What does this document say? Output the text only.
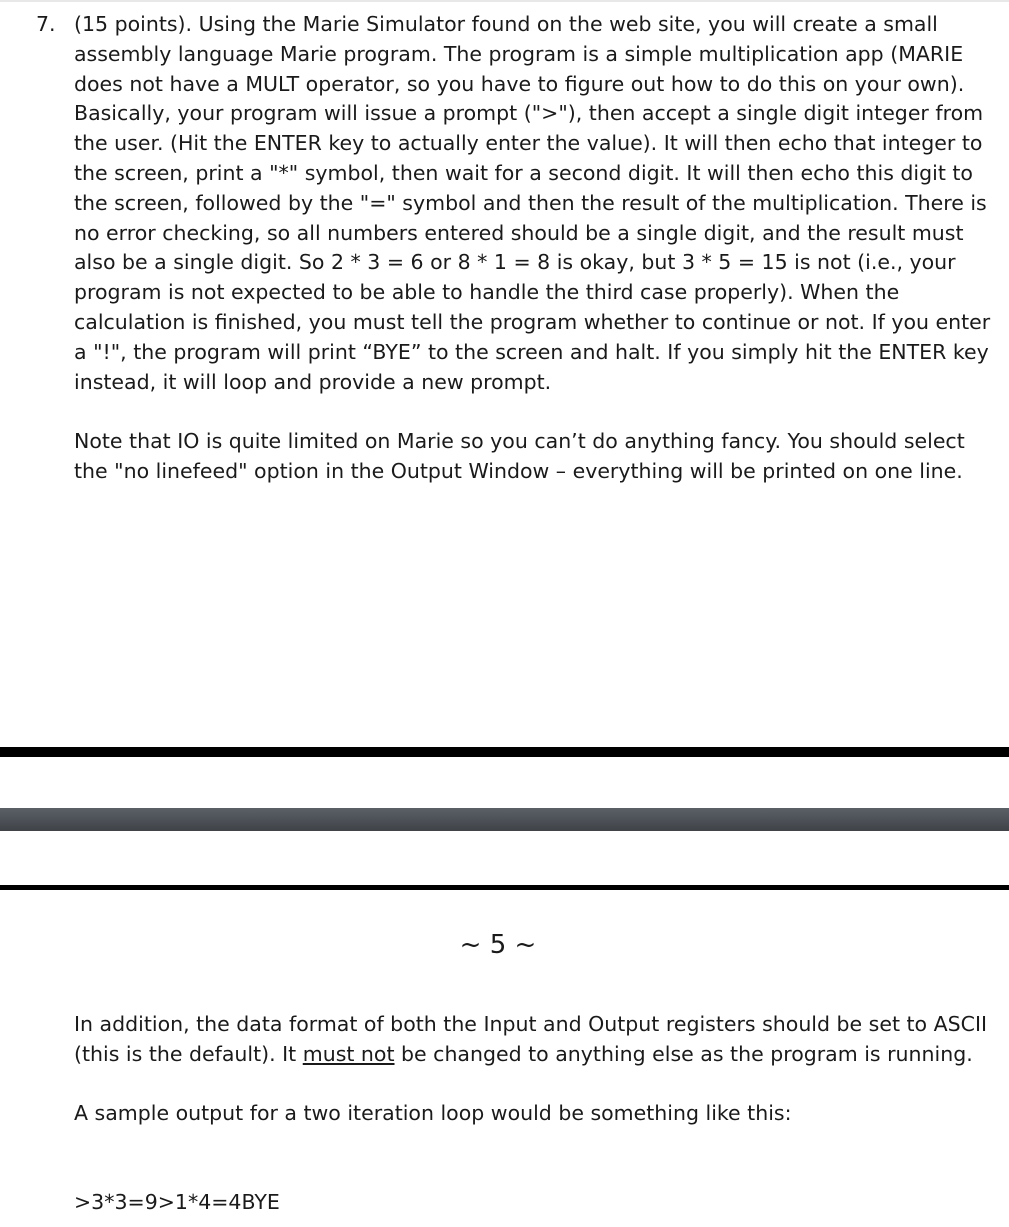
7. (15 points). Using the Marie Simulator found on the web site, you will create a small assembly language Marie program. The program is a simple multiplication app (MARIE does not have a MULT operator, so you have to figure out how to do this on your own). Basically, your program will issue a prompt (">"), then accept a single digit integer from the user. (Hit the ENTER key to actually enter the value). It will then echo that integer to the screen, print a "*" symbol, then wait for a second digit. It will then echo this digit to the screen, followed by the "=" symbol and then the result of the multiplication. There is no error checking, so all numbers entered should be a single digit, and the result must also be a single digit. So 2 * 3 = 6 or 8 * 1 = 8 is okay, but 3 * 5 = 15 is not (i.e., your program is not expected to be able to handle the third case properly). When the calculation is finished, you must tell the program whether to continue or not. If you enter a "!", the program will print “BYE” to the screen and halt. If you simply hit the ENTER key instead, it will loop and provide a new prompt.

Note that IO is quite limited on Marie so you can’t do anything fancy. You should select the "no linefeed" option in the Output Window – everything will be printed on one line.

~ 5 ~

In addition, the data format of both the Input and Output registers should be set to ASCII (this is the default). It must not be changed to anything else as the program is running.

A sample output for a two iteration loop would be something like this:

>3*3=9>1*4=4BYE
